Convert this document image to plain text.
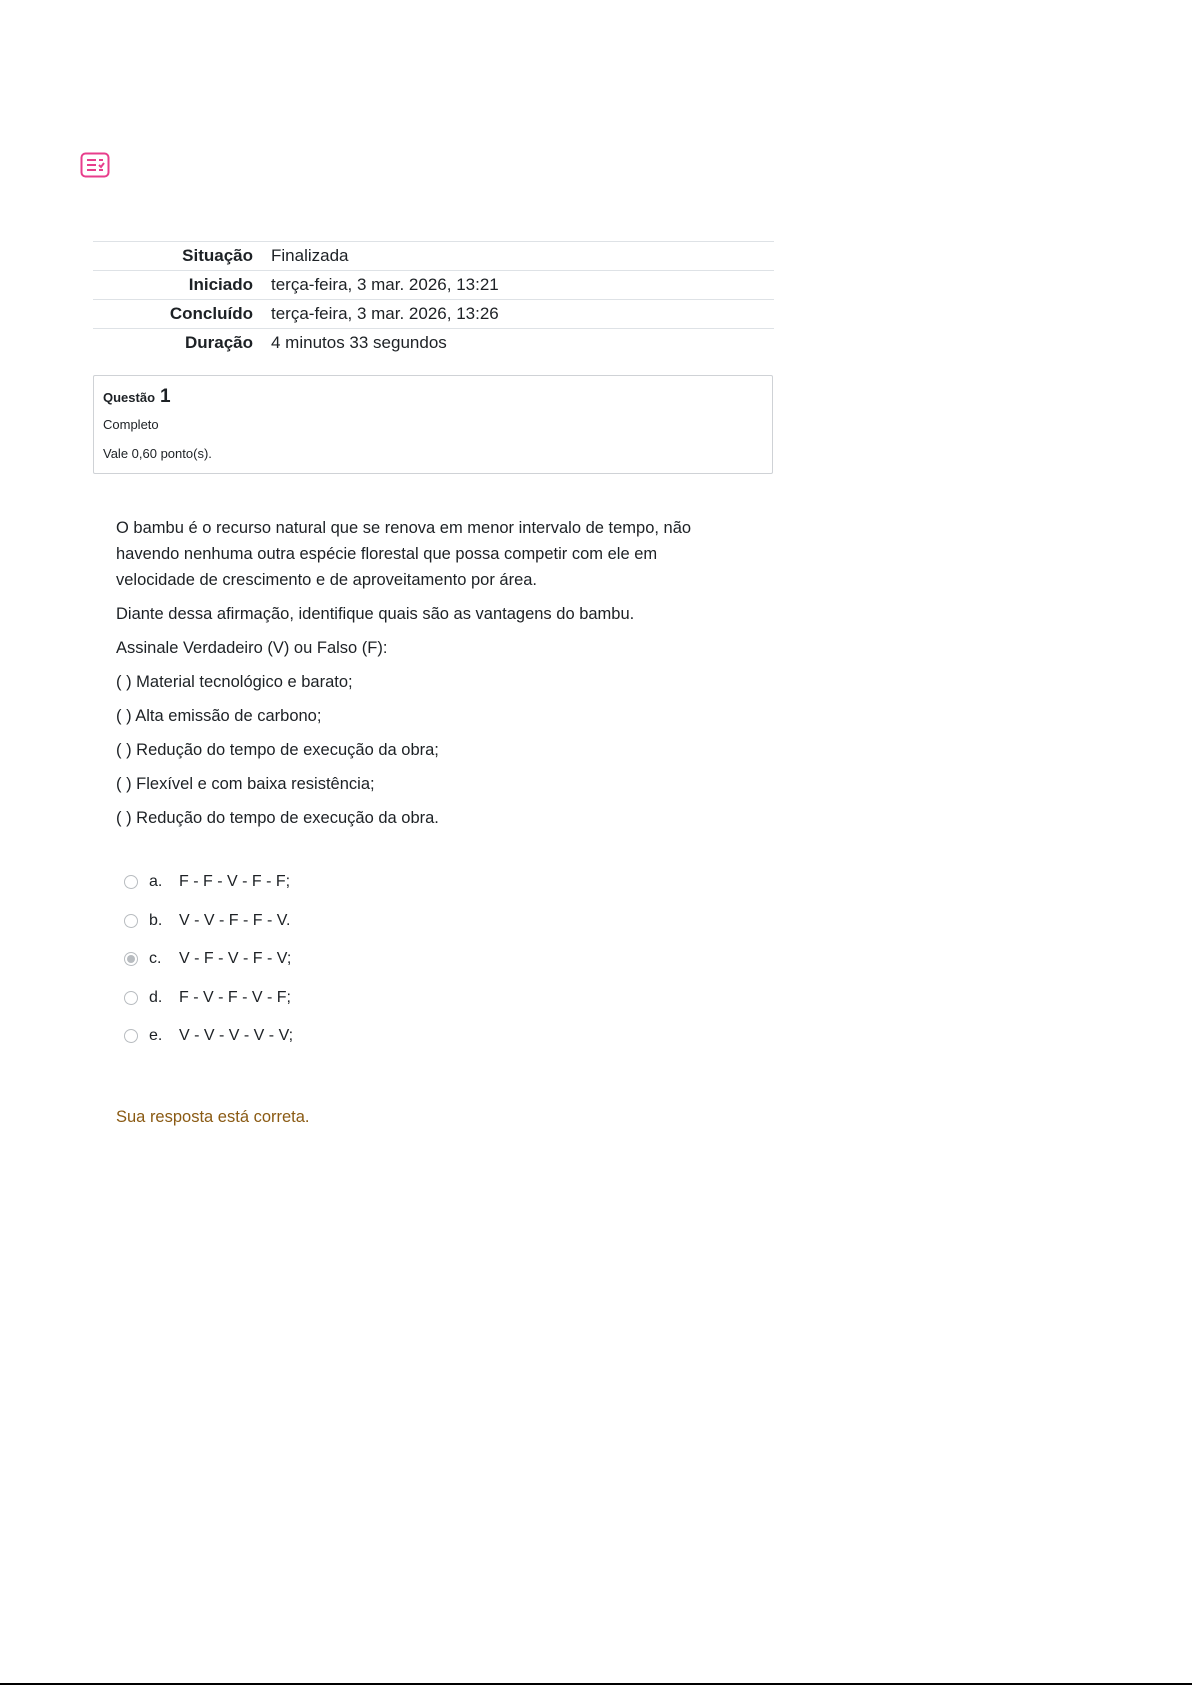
Situação	Finalizada
Iniciado	terça-feira, 3 mar. 2026, 13:21
Concluído	terça-feira, 3 mar. 2026, 13:26
Duração	4 minutos 33 segundos
Questão 1
Completo
Vale 0,60 ponto(s).

O bambu é o recurso natural que se renova em menor intervalo de tempo, não havendo nenhuma outra espécie florestal que possa competir com ele em velocidade de crescimento e de aproveitamento por área.

Diante dessa afirmação, identifique quais são as vantagens do bambu.

Assinale Verdadeiro (V) ou Falso (F):

( ) Material tecnológico e barato;

( ) Alta emissão de carbono;

( ) Redução do tempo de execução da obra;

( ) Flexível e com baixa resistência;

( ) Redução do tempo de execução da obra.

a.	F - F - V - F - F;
b.	V - V - F - F - V.
c.	V - F - V - F - V;
d.	F - V - F - V - F;
e.	V - V - V - V - V;
Sua resposta está correta.
